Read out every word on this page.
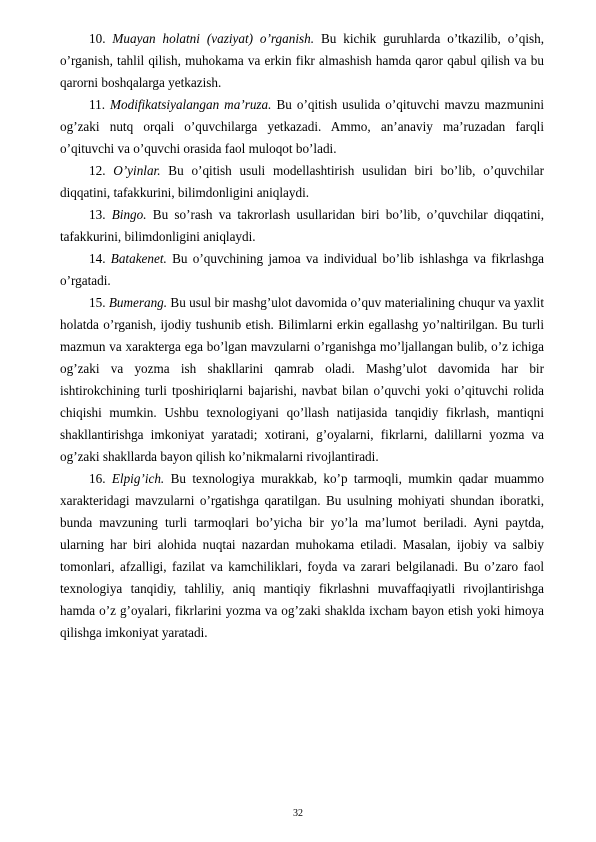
10. Muayan holatni (vaziyat) o’rganish. Bu kichik guruhlarda o’tkazilib, o’qish, o’rganish, tahlil qilish, muhokama va erkin fikr almashish hamda qaror qabul qilish va bu qarorni boshqalarga yetkazish.

11. Modifikatsiyalangan ma’ruza. Bu o’qitish usulida o’qituvchi mavzu mazmunini og’zaki nutq orqali o’quvchilarga yetkazadi. Ammo, an’anaviy ma’ruzadan farqli o’qituvchi va o’quvchi orasida faol muloqot bo’ladi.

12. O’yinlar. Bu o’qitish usuli modellashtirish usulidan biri bo’lib, o’quvchilar diqqatini, tafakkurini, bilimdonligini aniqlaydi.

13. Bingo. Bu so’rash va takrorlash usullaridan biri bo’lib, o’quvchilar diqqatini, tafakkurini, bilimdonligini aniqlaydi.

14. Batakenet. Bu o’quvchining jamoa va individual bo’lib ishlashga va fikrlashga o’rgatadi.

15. Bumerang. Bu usul bir mashg’ulot davomida o’quv materialining chuqur va yaxlit holatda o’rganish, ijodiy tushunib etish. Bilimlarni erkin egallashg yo’naltirilgan. Bu turli mazmun va xarakterga ega bo’lgan mavzularni o’rganishga mo’ljallangan bulib, o’z ichiga og’zaki va yozma ish shakllarini qamrab oladi. Mashg’ulot davomida har bir ishtirokchining turli tposhiriqlarni bajarishi, navbat bilan o’quvchi yoki o’qituvchi rolida chiqishi mumkin. Ushbu texnologiyani qo’llash natijasida tanqidiy fikrlash, mantiqni shakllantirishga imkoniyat yaratadi; xotirani, g’oyalarni, fikrlarni, dalillarni yozma va og’zaki shakllarda bayon qilish ko’nikmalarni rivojlantiradi.

16. Elpig’ich. Bu texnologiya murakkab, ko’p tarmoqli, mumkin qadar muammo xarakteridagi mavzularni o’rgatishga qaratilgan. Bu usulning mohiyati shundan iboratki, bunda mavzuning turli tarmoqlari bo’yicha bir yo’la ma’lumot beriladi. Ayni paytda, ularning har biri alohida nuqtai nazardan muhokama etiladi. Masalan, ijobiy va salbiy tomonlari, afzalligi, fazilat va kamchiliklari, foyda va zarari belgilanadi. Bu o’zaro faol texnologiya tanqidiy, tahliliy, aniq mantiqiy fikrlashni muvaffaqiyatli rivojlantirishga hamda o’z g’oyalari, fikrlarini yozma va og’zaki shaklda ixcham bayon etish yoki himoya qilishga imkoniyat yaratadi.

32
